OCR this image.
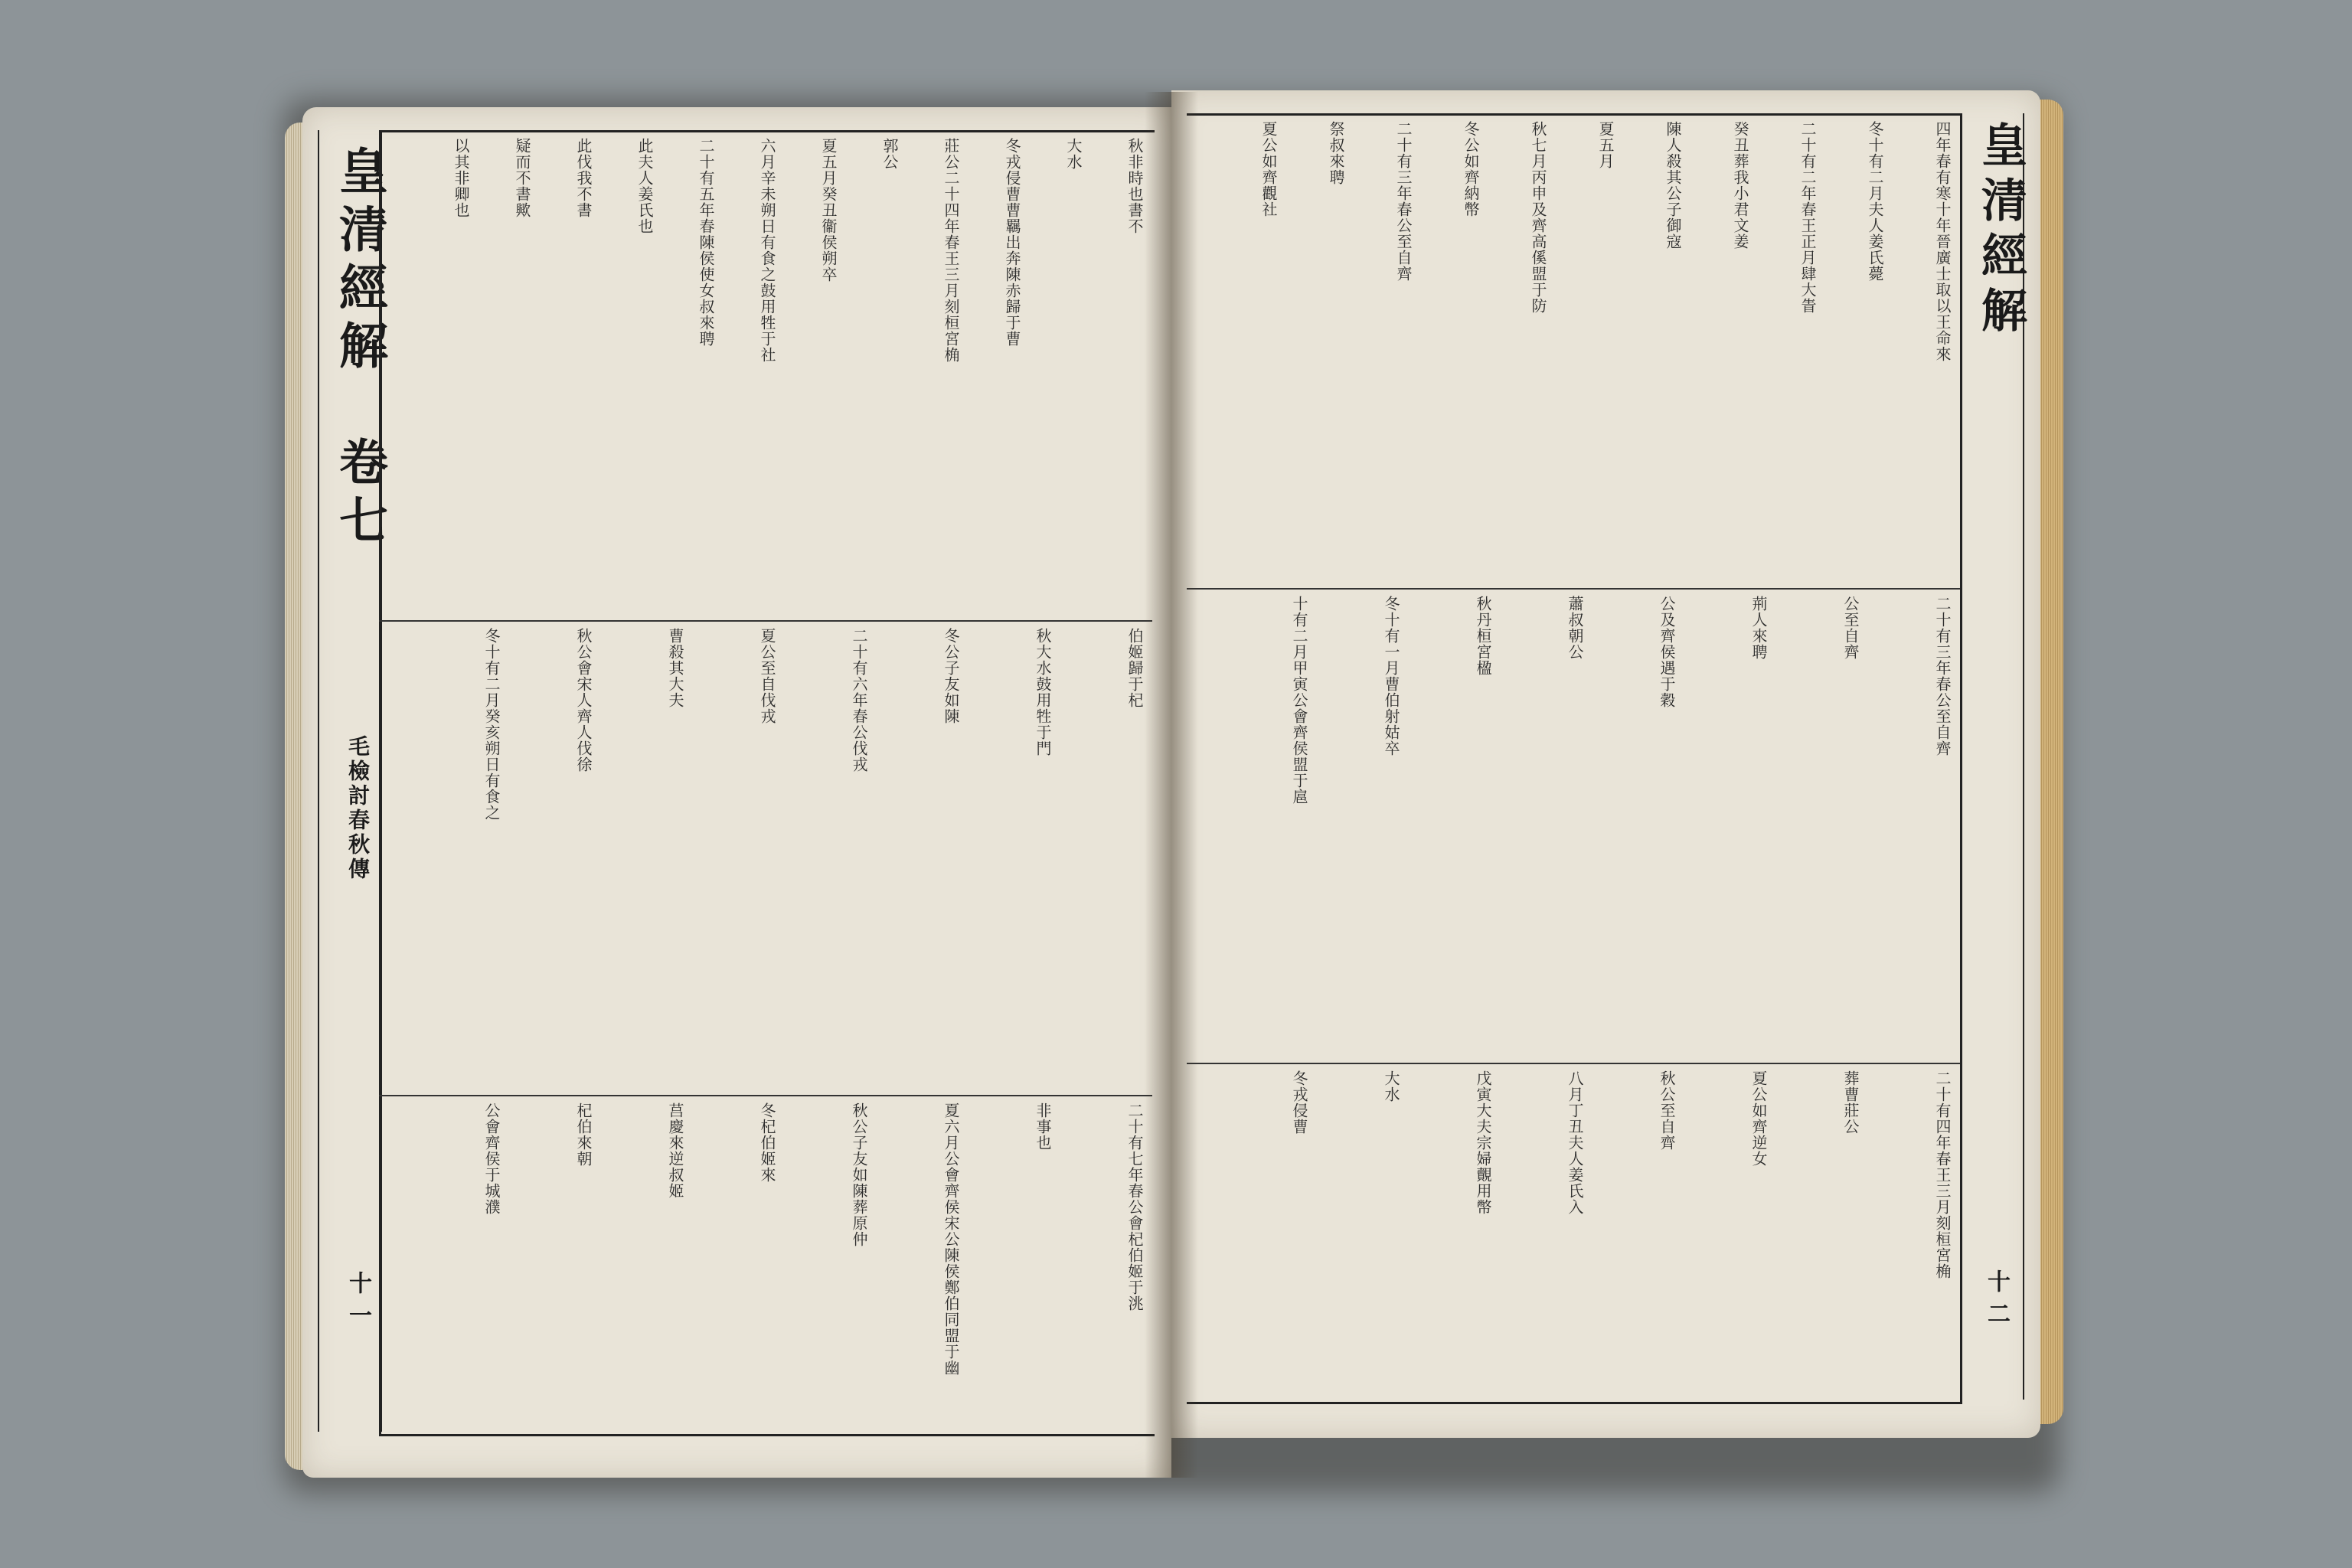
皇清經解
卷七
毛檢討春秋傳
十一
秋非時也書不
大水
冬戎侵曹曹羈出奔陳赤歸于曹
莊公二十四年春王三月刻桓宮桷
郭公
夏五月癸丑衞侯朔卒
六月辛未朔日有食之鼓用牲于社
二十有五年春陳侯使女叔來聘
此夫人姜氏也
此伐我不書
疑而不書歟
以其非卿也
伯姬歸于杞
秋大水鼓用牲于門
冬公子友如陳
二十有六年春公伐戎
夏公至自伐戎
曹殺其大夫
秋公會宋人齊人伐徐
冬十有二月癸亥朔日有食之
二十有七年春公會杞伯姬于洮
非事也
夏六月公會齊侯宋公陳侯鄭伯同盟于幽
秋公子友如陳葬原仲
冬杞伯姬來
莒慶來逆叔姬
杞伯來朝
公會齊侯于城濮
皇清經解
十二
四年春有寒十年晉廣士取以王命來
冬十有二月夫人姜氏薨
二十有二年春王正月肆大眚
癸丑葬我小君文姜
陳人殺其公子御寇
夏五月
秋七月丙申及齊高傒盟于防
冬公如齊納幣
二十有三年春公至自齊
祭叔來聘
夏公如齊觀社
二十有三年春公至自齊
公至自齊
荊人來聘
公及齊侯遇于穀
蕭叔朝公
秋丹桓宮楹
冬十有一月曹伯射姑卒
十有二月甲寅公會齊侯盟于扈
二十有四年春王三月刻桓宮桷
葬曹莊公
夏公如齊逆女
秋公至自齊
八月丁丑夫人姜氏入
戊寅大夫宗婦覿用幣
大水
冬戎侵曹
